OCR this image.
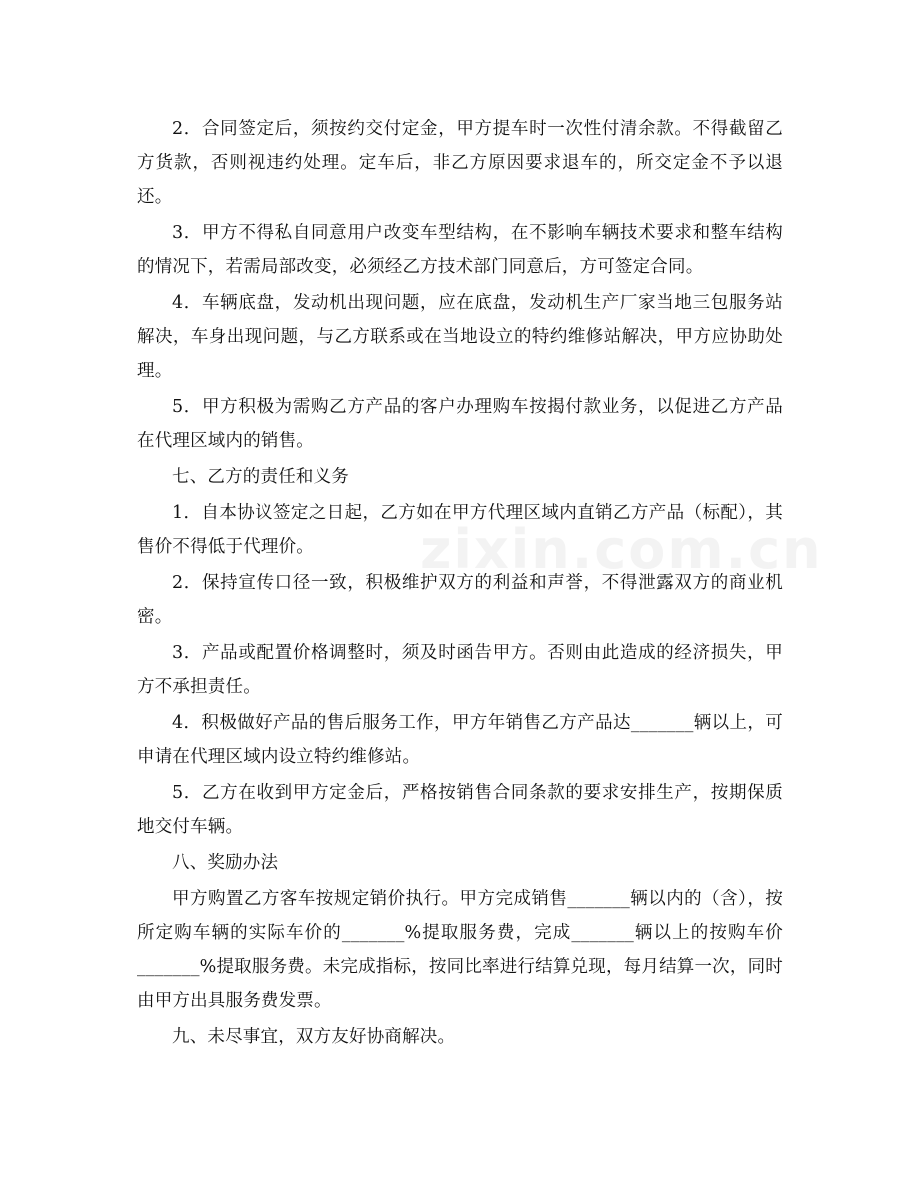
zixin.com.cn

2．合同签定后，须按约交付定金，甲方提车时一次性付清余款。不得截留乙方货款，否则视违约处理。定车后，非乙方原因要求退车的，所交定金不予以退还。

3．甲方不得私自同意用户改变车型结构，在不影响车辆技术要求和整车结构的情况下，若需局部改变，必须经乙方技术部门同意后，方可签定合同。

4．车辆底盘，发动机出现问题，应在底盘，发动机生产厂家当地三包服务站解决，车身出现问题，与乙方联系或在当地设立的特约维修站解决，甲方应协助处理。

5．甲方积极为需购乙方产品的客户办理购车按揭付款业务，以促进乙方产品在代理区域内的销售。

七、乙方的责任和义务

1．自本协议签定之日起，乙方如在甲方代理区域内直销乙方产品（标配），其售价不得低于代理价。

2．保持宣传口径一致，积极维护双方的利益和声誉，不得泄露双方的商业机密。

3．产品或配置价格调整时，须及时函告甲方。否则由此造成的经济损失，甲方不承担责任。

4．积极做好产品的售后服务工作，甲方年销售乙方产品达_______辆以上，可申请在代理区域内设立特约维修站。

5．乙方在收到甲方定金后，严格按销售合同条款的要求安排生产，按期保质地交付车辆。

八、奖励办法

甲方购置乙方客车按规定销价执行。甲方完成销售_______辆以内的（含），按所定购车辆的实际车价的_______%提取服务费，完成_______辆以上的按购车价_______%提取服务费。未完成指标，按同比率进行结算兑现，每月结算一次，同时由甲方出具服务费发票。

九、未尽事宜，双方友好协商解决。
